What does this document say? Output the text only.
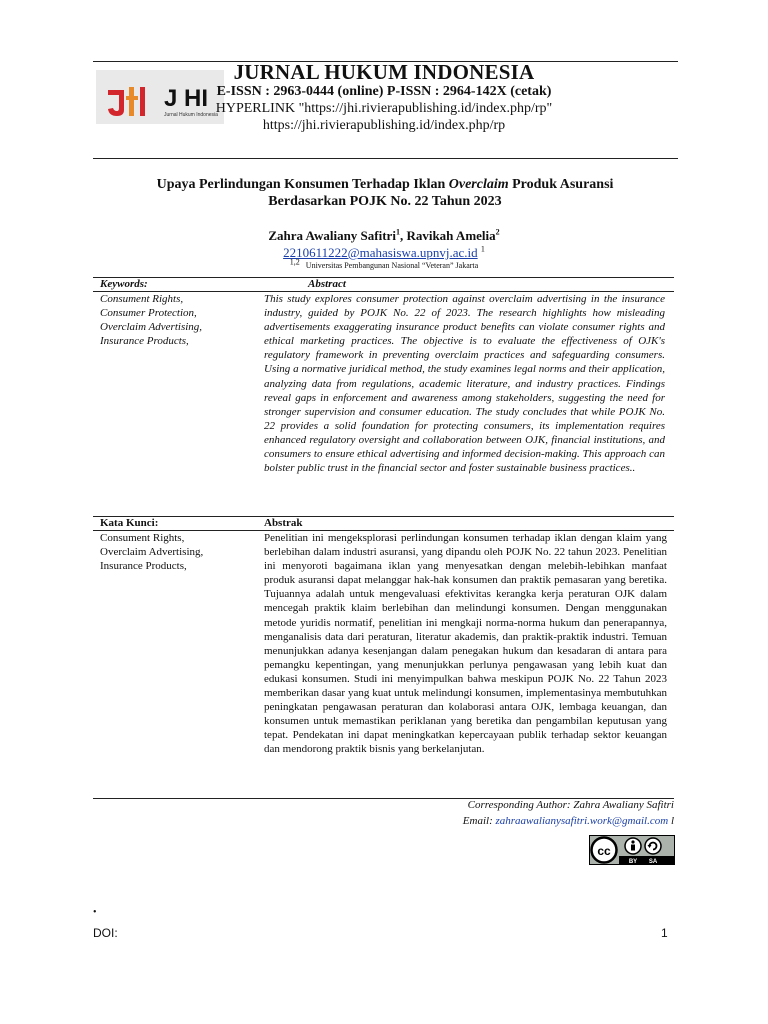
J HI
Jurnal Hukum Indonesia
JURNAL HUKUM INDONESIA
E-ISSN : 2963-0444 (online) P-ISSN : 2964-142X (cetak)
HYPERLINK "https://jhi.rivierapublishing.id/index.php/rp"
https://jhi.rivierapublishing.id/index.php/rp
Upaya Perlindungan Konsumen Terhadap Iklan Overclaim Produk Asuransi
Berdasarkan POJK No. 22 Tahun 2023
Zahra Awaliany Safitri$^1$, Ravikah Amelia$^2$
2210611222@mahasiswa.upnvj.ac.id $^1$
$^{1,2}$ Universitas Pembangunan Nasional “Veteran” Jakarta
Keywords:	Abstract
Consument Rights,
Consumer Protection,
Overclaim Advertising,
Insurance Products,
This study explores consumer protection against overclaim advertising in the insurance industry, guided by POJK No. 22 of 2023. The research highlights how misleading advertisements exaggerating insurance product benefits can violate consumer rights and ethical marketing practices. The objective is to evaluate the effectiveness of OJK's regulatory framework in preventing overclaim practices and safeguarding consumers. Using a normative juridical method, the study examines legal norms and their application, analyzing data from regulations, academic literature, and industry practices. Findings reveal gaps in enforcement and awareness among stakeholders, suggesting the need for stronger supervision and consumer education. The study concludes that while POJK No. 22 provides a solid foundation for protecting consumers, its implementation requires enhanced regulatory oversight and collaboration between OJK, financial institutions, and consumers to ensure ethical advertising and informed decision-making. This approach can bolster public trust in the financial sector and foster sustainable business practices..
Kata Kunci:	Abstrak
Consument Rights,
Overclaim Advertising,
Insurance Products,
Penelitian ini mengeksplorasi perlindungan konsumen terhadap iklan dengan klaim yang berlebihan dalam industri asuransi, yang dipandu oleh POJK No. 22 tahun 2023. Penelitian ini menyoroti bagaimana iklan yang menyesatkan dengan melebih-lebihkan manfaat produk asuransi dapat melanggar hak-hak konsumen dan praktik pemasaran yang beretika. Tujuannya adalah untuk mengevaluasi efektivitas kerangka kerja peraturan OJK dalam mencegah praktik klaim berlebihan dan melindungi konsumen. Dengan menggunakan metode yuridis normatif, penelitian ini mengkaji norma-norma hukum dan penerapannya, menganalisis data dari peraturan, literatur akademis, dan praktik-praktik industri. Temuan menunjukkan adanya kesenjangan dalam penegakan hukum dan kesadaran di antara para pemangku kepentingan, yang menunjukkan perlunya pengawasan yang lebih kuat dan edukasi konsumen. Studi ini menyimpulkan bahwa meskipun POJK No. 22 Tahun 2023 memberikan dasar yang kuat untuk melindungi konsumen, implementasinya membutuhkan peningkatan pengawasan peraturan dan kolaborasi antara OJK, lembaga keuangan, dan konsumen untuk memastikan periklanan yang beretika dan pengambilan keputusan yang tepat. Pendekatan ini dapat meningkatkan kepercayaan publik terhadap sektor keuangan dan mendorong praktik bisnis yang berkelanjutan.
Corresponding Author: Zahra Awaliany Safitri
Email: zahraawalianysafitri.work@gmail.com l
cc
BY SA
•
DOI:	1
